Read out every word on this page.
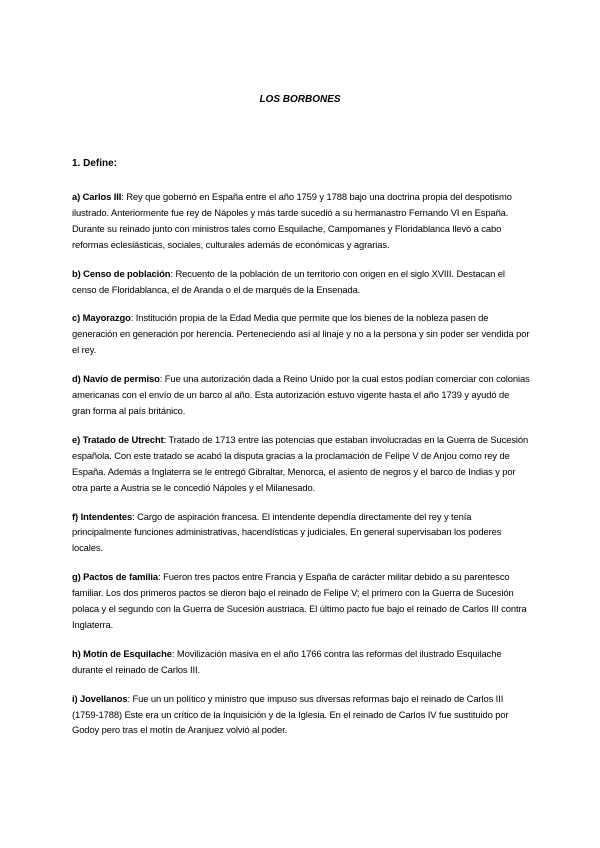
LOS BORBONES

1. Define:

a) Carlos III: Rey que gobernó en España entre el año 1759 y 1788 bajo una doctrina propia del despotismo ilustrado. Anteriormente fue rey de Nápoles y más tarde sucedió a su hermanastro Fernando VI en España. Durante su reinado junto con ministros tales como Esquilache, Campomanes y Floridablanca llevó a cabo reformas eclesiásticas, sociales, culturales además de económicas y agrarias.

b) Censo de población: Recuento de la población de un territorio con origen en el siglo XVIII. Destacan el censo de Floridablanca, el de Aranda o el de marqués de la Ensenada.

c) Mayorazgo: Institución propia de la Edad Media que permite que los bienes de la nobleza pasen de generación en generación por herencia. Perteneciendo así al linaje y no a la persona y sin poder ser vendida por el rey.

d) Navío de permiso: Fue una autorización dada a Reino Unido por la cual estos podían comerciar con colonias americanas con el envío de un barco al año. Esta autorización estuvo vigente hasta el año 1739 y ayudó de gran forma al país británico.

e) Tratado de Utrecht: Tratado de 1713 entre las potencias que estaban involucradas en la Guerra de Sucesión española. Con este tratado se acabó la disputa gracias a la proclamación de Felipe V de Anjou como rey de España. Además a Inglaterra se le entregó Gibraltar, Menorca, el asiento de negros y el barco de Indias y por otra parte a Austria se le concedió Nápoles y el Milanesado.

f) Intendentes: Cargo de aspiración francesa. El intendente dependía directamente del rey y tenía principalmente funciones administrativas, hacendísticas y judiciales. En general supervisaban los poderes locales.

g) Pactos de familia: Fueron tres pactos entre Francia y España de carácter militar debido a su parentesco familiar. Los dos primeros pactos se dieron bajo el reinado de Felipe V; el primero con la Guerra de Sucesión polaca y el segundo con la Guerra de Sucesión austriaca. El último pacto fue bajo el reinado de Carlos III contra Inglaterra.

h) Motín de Esquilache: Movilización masiva en el año 1766 contra las reformas del ilustrado Esquilache durante el reinado de Carlos III.

i) Jovellanos: Fue un un político y ministro que impuso sus diversas reformas bajo el reinado de Carlos III (1759-1788) Este era un crítico de la Inquisición y de la Iglesia. En el reinado de Carlos IV fue sustituido por Godoy pero tras el motín de Aranjuez volvió al poder.
